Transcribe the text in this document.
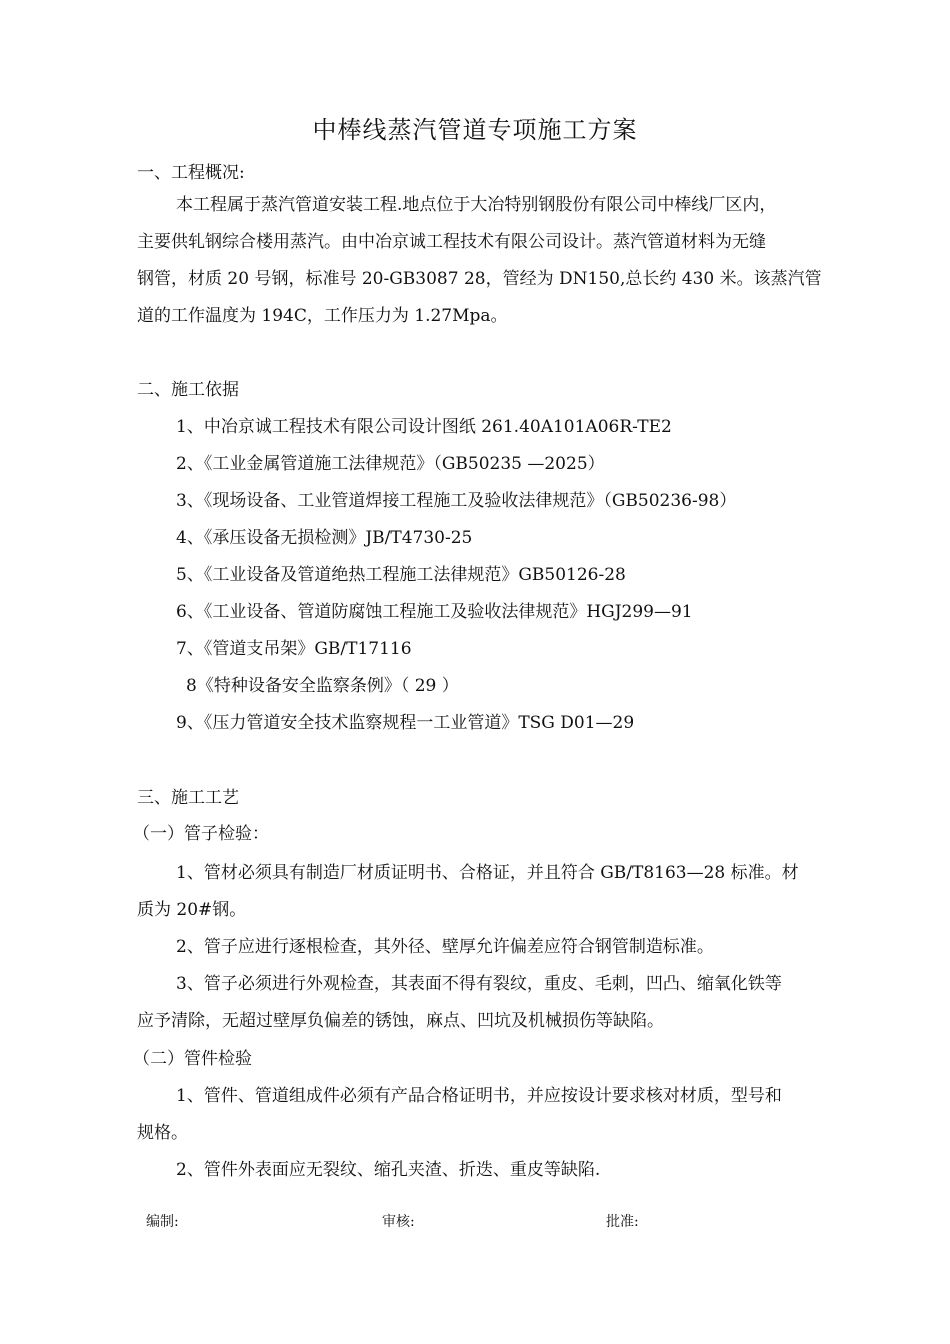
中棒线蒸汽管道专项施工方案
一、工程概况:
本工程属于蒸汽管道安装工程.地点位于大冶特别钢股份有限公司中棒线厂区内，
主要供轧钢综合楼用蒸汽。由中冶京诚工程技术有限公司设计。蒸汽管道材料为无缝
钢管，材质 20 号钢，标准号 20-GB3087 28，管经为 DN150,总长约 430 米。该蒸汽管
道的工作温度为 194C，工作压力为 1.27Mpa。
二、施工依据
1、中冶京诚工程技术有限公司设计图纸 261.40A101A06R-TE2
2、《工业金属管道施工法律规范》（GB50235 —2025）
3、《现场设备、工业管道焊接工程施工及验收法律规范》（GB50236-98）
4、《承压设备无损检测》JB/T4730-25
5、《工业设备及管道绝热工程施工法律规范》GB50126-28
6、《工业设备、管道防腐蚀工程施工及验收法律规范》HGJ299—91
7、《管道支吊架》GB/T17116
8《特种设备安全监察条例》（ 29 ）
9、《压力管道安全技术监察规程一工业管道》TSG D01—29
三、施工工艺
（一）管子检验：
1、管材必须具有制造厂材质证明书、合格证，并且符合 GB/T8163—28 标准。材
质为 20#钢。
2、管子应进行逐根检查，其外径、壁厚允许偏差应符合钢管制造标准。
3、管子必须进行外观检查，其表面不得有裂纹，重皮、毛刺，凹凸、缩氧化铁等
应予清除，无超过壁厚负偏差的锈蚀，麻点、凹坑及机械损伤等缺陷。
（二）管件检验
1、管件、管道组成件必须有产品合格证明书，并应按设计要求核对材质，型号和
规格。
2、管件外表面应无裂纹、缩孔夹渣、折迭、重皮等缺陷.
编制:	审核:	批准:
